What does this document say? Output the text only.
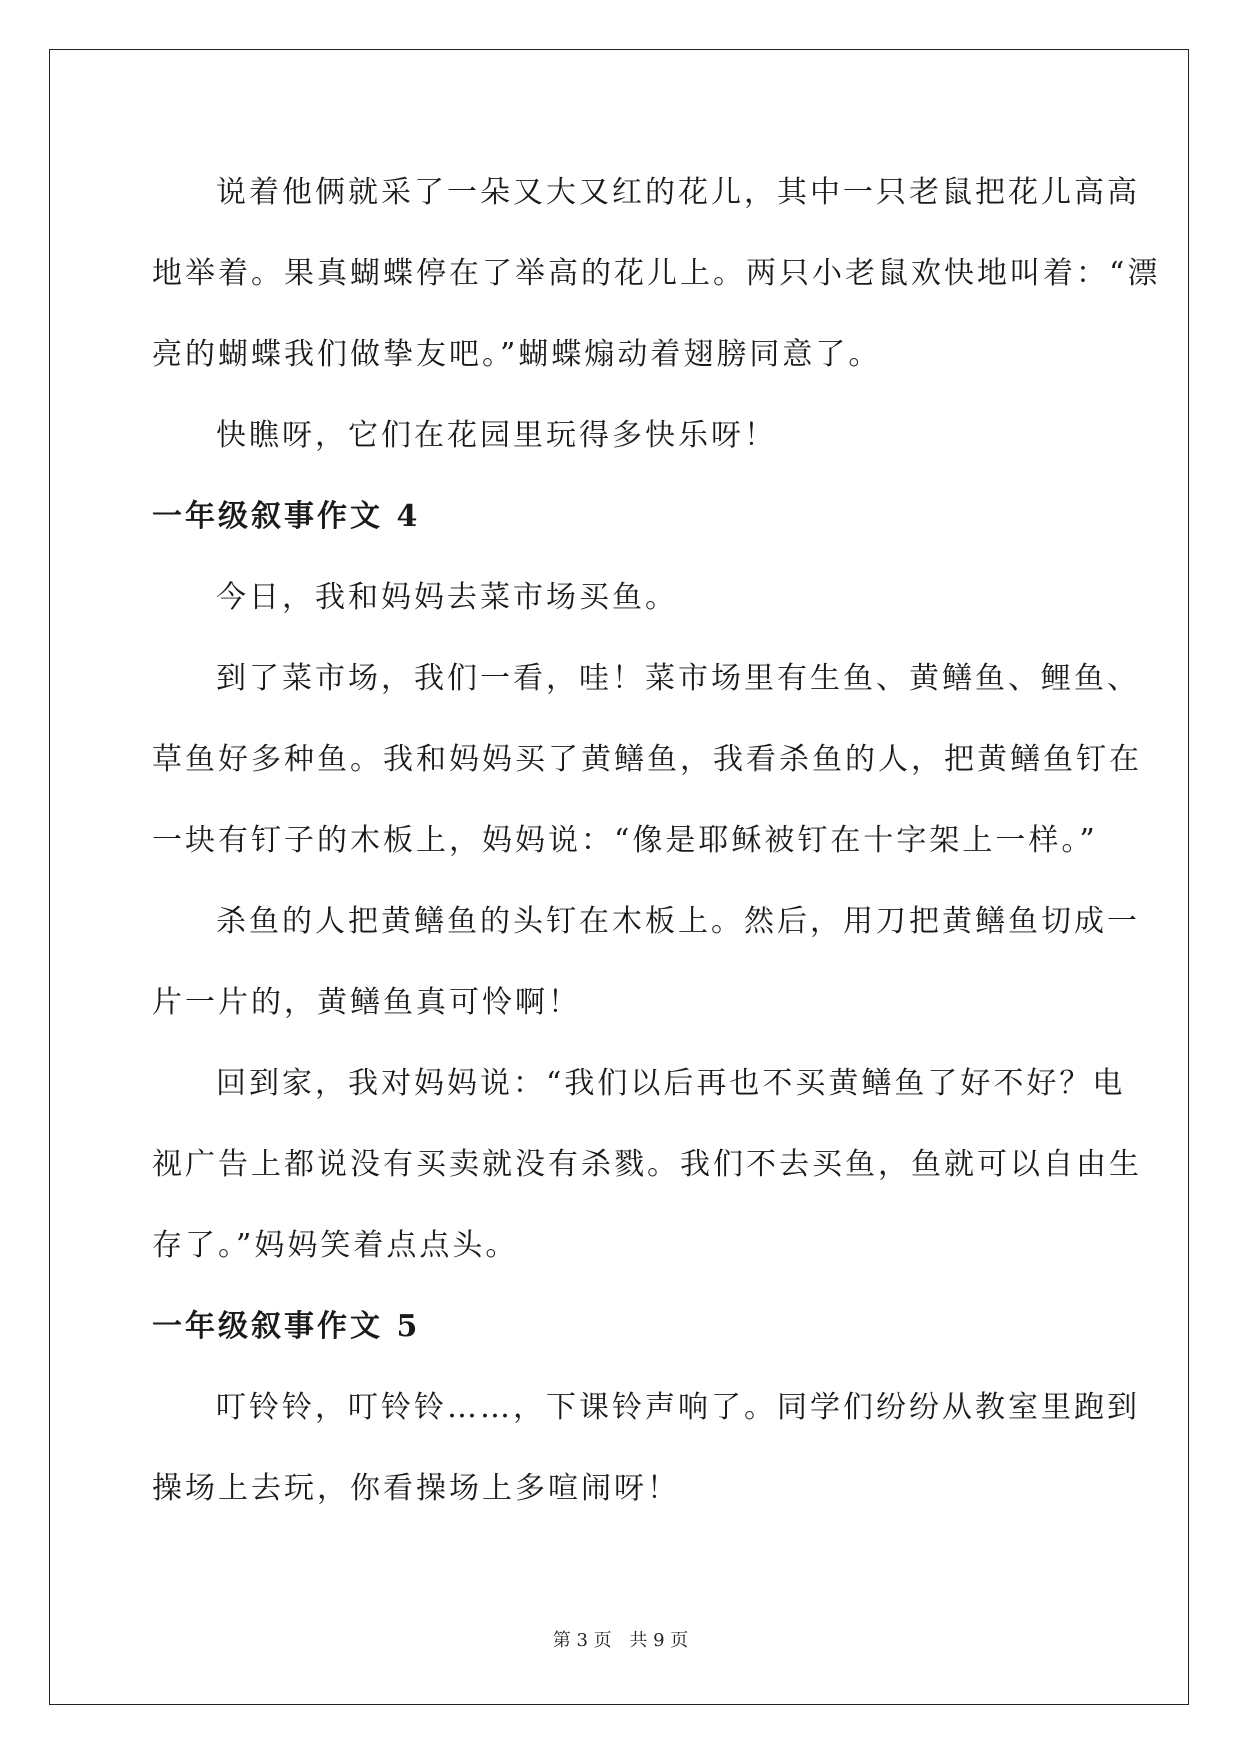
说着他俩就采了一朵又大又红的花儿，其中一只老鼠把花儿高高
地举着。果真蝴蝶停在了举高的花儿上。两只小老鼠欢快地叫着：“漂
亮的蝴蝶我们做挚友吧。”蝴蝶煽动着翅膀同意了。

快瞧呀，它们在花园里玩得多快乐呀！

一年级叙事作文 4

今日，我和妈妈去菜市场买鱼。

到了菜市场，我们一看，哇！菜市场里有生鱼、黄鳝鱼、鲤鱼、
草鱼好多种鱼。我和妈妈买了黄鳝鱼，我看杀鱼的人，把黄鳝鱼钉在
一块有钉子的木板上，妈妈说：“像是耶稣被钉在十字架上一样。”

杀鱼的人把黄鳝鱼的头钉在木板上。然后，用刀把黄鳝鱼切成一
片一片的，黄鳝鱼真可怜啊！

回到家，我对妈妈说：“我们以后再也不买黄鳝鱼了好不好？电
视广告上都说没有买卖就没有杀戮。我们不去买鱼，鱼就可以自由生
存了。”妈妈笑着点点头。

一年级叙事作文 5

叮铃铃，叮铃铃……，下课铃声响了。同学们纷纷从教室里跑到
操场上去玩，你看操场上多喧闹呀！

第 3 页 共 9 页
